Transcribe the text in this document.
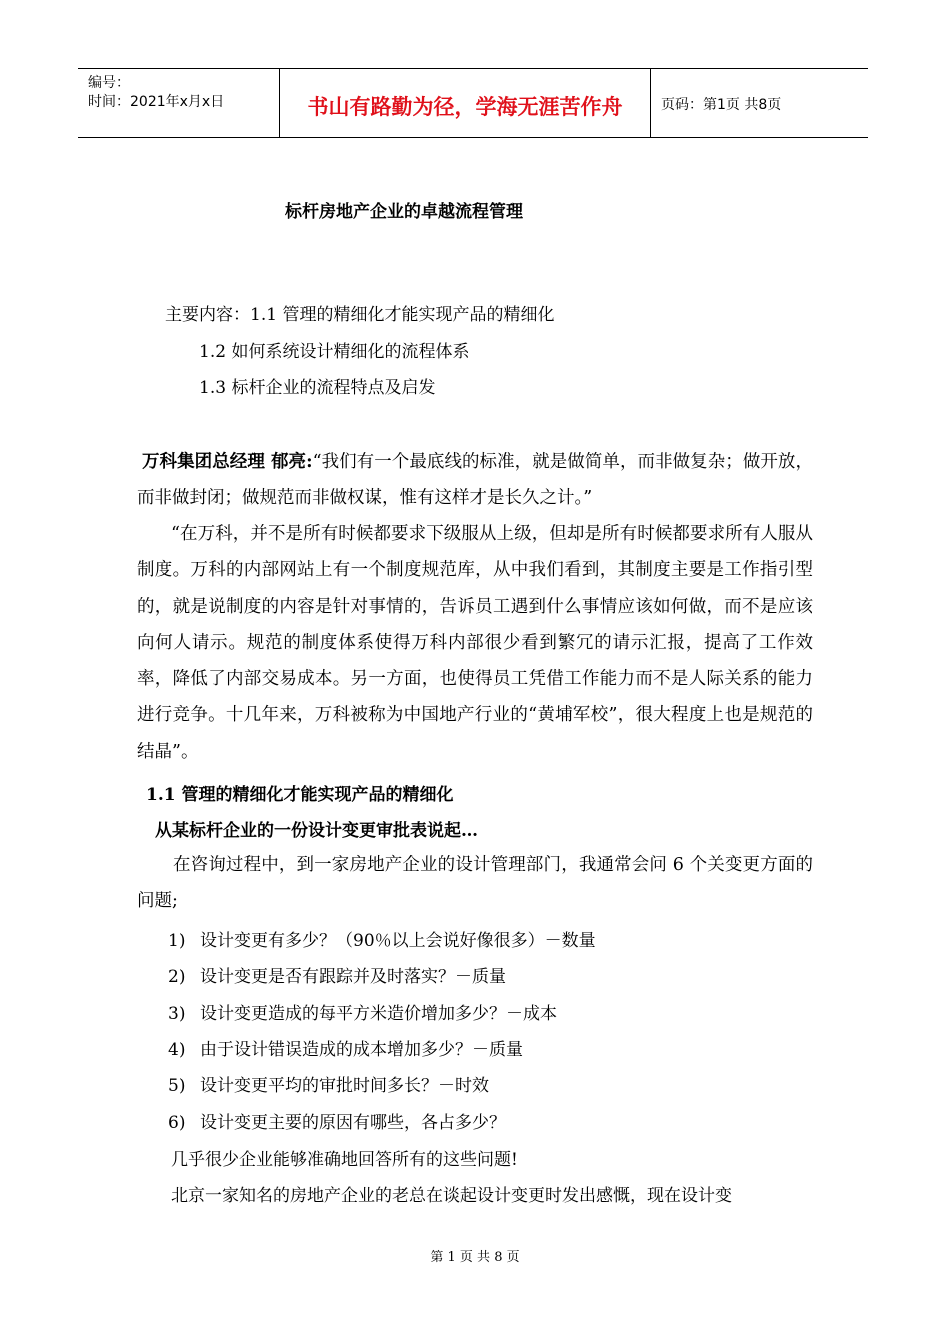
编号：
时间：2021年x月x日	书山有路勤为径，学海无涯苦作舟	页码：第1页 共8页
标杆房地产企业的卓越流程管理
主要内容：1.1 管理的精细化才能实现产品的精细化
1.2 如何系统设计精细化的流程体系
1.3 标杆企业的流程特点及启发
万科集团总经理 郁亮:“我们有一个最底线的标准，就是做简单，而非做复杂；做开放，而非做封闭；做规范而非做权谋，惟有这样才是长久之计。”
“在万科，并不是所有时候都要求下级服从上级，但却是所有时候都要求所有人服从制度。万科的内部网站上有一个制度规范库，从中我们看到，其制度主要是工作指引型的，就是说制度的内容是针对事情的，告诉员工遇到什么事情应该如何做，而不是应该向何人请示。规范的制度体系使得万科内部很少看到繁冗的请示汇报，提高了工作效率，降低了内部交易成本。另一方面，也使得员工凭借工作能力而不是人际关系的能力进行竞争。十几年来，万科被称为中国地产行业的“黄埔军校”，很大程度上也是规范的结晶”。
1.1 管理的精细化才能实现产品的精细化
从某标杆企业的一份设计变更审批表说起…
在咨询过程中，到一家房地产企业的设计管理部门，我通常会问 6 个关变更方面的问题;
1) 设计变更有多少？（90％以上会说好像很多）－数量
2) 设计变更是否有跟踪并及时落实？－质量
3) 设计变更造成的每平方米造价增加多少？－成本
4) 由于设计错误造成的成本增加多少？－质量
5) 设计变更平均的审批时间多长？－时效
6) 设计变更主要的原因有哪些，各占多少？
几乎很少企业能够准确地回答所有的这些问题!
北京一家知名的房地产企业的老总在谈起设计变更时发出感慨，现在设计变
第 1 页 共 8 页
